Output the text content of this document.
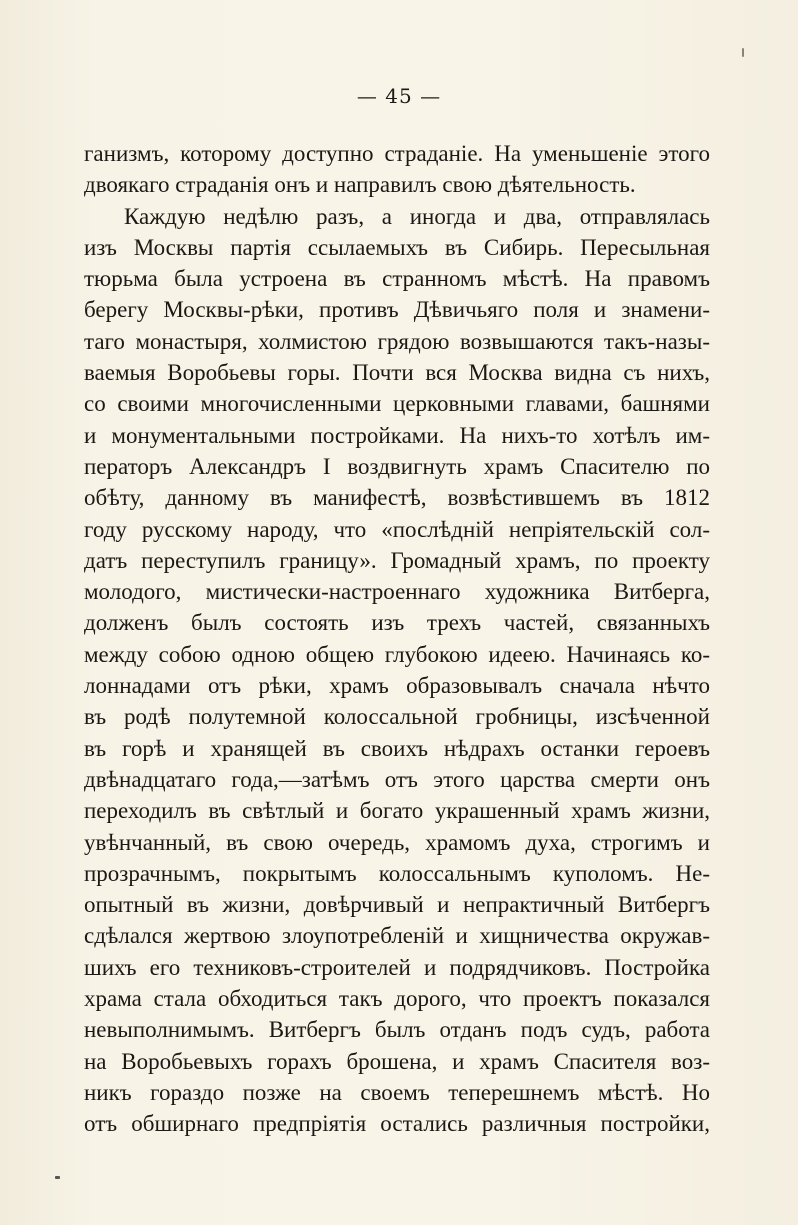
— 45 —
ганизмъ, которому доступно страданіе. На уменьшеніе этого
двоякаго страданія онъ и направилъ свою дѣятельность.
Каждую недѣлю разъ, а иногда и два, отправлялась
изъ Москвы партія ссылаемыхъ въ Сибирь. Пересыльная
тюрьма была устроена въ странномъ мѣстѣ. На правомъ
берегу Москвы-рѣки, противъ Дѣвичьяго поля и знамени-
таго монастыря, холмистою грядою возвышаются такъ-назы-
ваемыя Воробьевы горы. Почти вся Москва видна съ нихъ,
со своими многочисленными церковными главами, башнями
и монументальными постройками. На нихъ-то хотѣлъ им-
ператоръ Александръ I воздвигнуть храмъ Спасителю по
обѣту, данному въ манифестѣ, возвѣстившемъ въ 1812
году русскому народу, что «послѣдній непріятельскій сол-
датъ переступилъ границу». Громадный храмъ, по проекту
молодого, мистически-настроеннаго художника Витберга,
долженъ былъ состоять изъ трехъ частей, связанныхъ
между собою одною общею глубокою идеею. Начинаясь ко-
лоннадами отъ рѣки, храмъ образовывалъ сначала нѣчто
въ родѣ полутемной колоссальной гробницы, изсѣченной
въ горѣ и хранящей въ своихъ нѣдрахъ останки героевъ
двѣнадцатаго года,—затѣмъ отъ этого царства смерти онъ
переходилъ въ свѣтлый и богато украшенный храмъ жизни,
увѣнчанный, въ свою очередь, храмомъ духа, строгимъ и
прозрачнымъ, покрытымъ колоссальнымъ куполомъ. Не-
опытный въ жизни, довѣрчивый и непрактичный Витбергъ
сдѣлался жертвою злоупотребленій и хищничества окружав-
шихъ его техниковъ-строителей и подрядчиковъ. Постройка
храма стала обходиться такъ дорого, что проектъ показался
невыполнимымъ. Витбергъ былъ отданъ подъ судъ, работа
на Воробьевыхъ горахъ брошена, и храмъ Спасителя воз-
никъ гораздо позже на своемъ теперешнемъ мѣстѣ. Но
отъ обширнаго предпріятія остались различныя постройки,
